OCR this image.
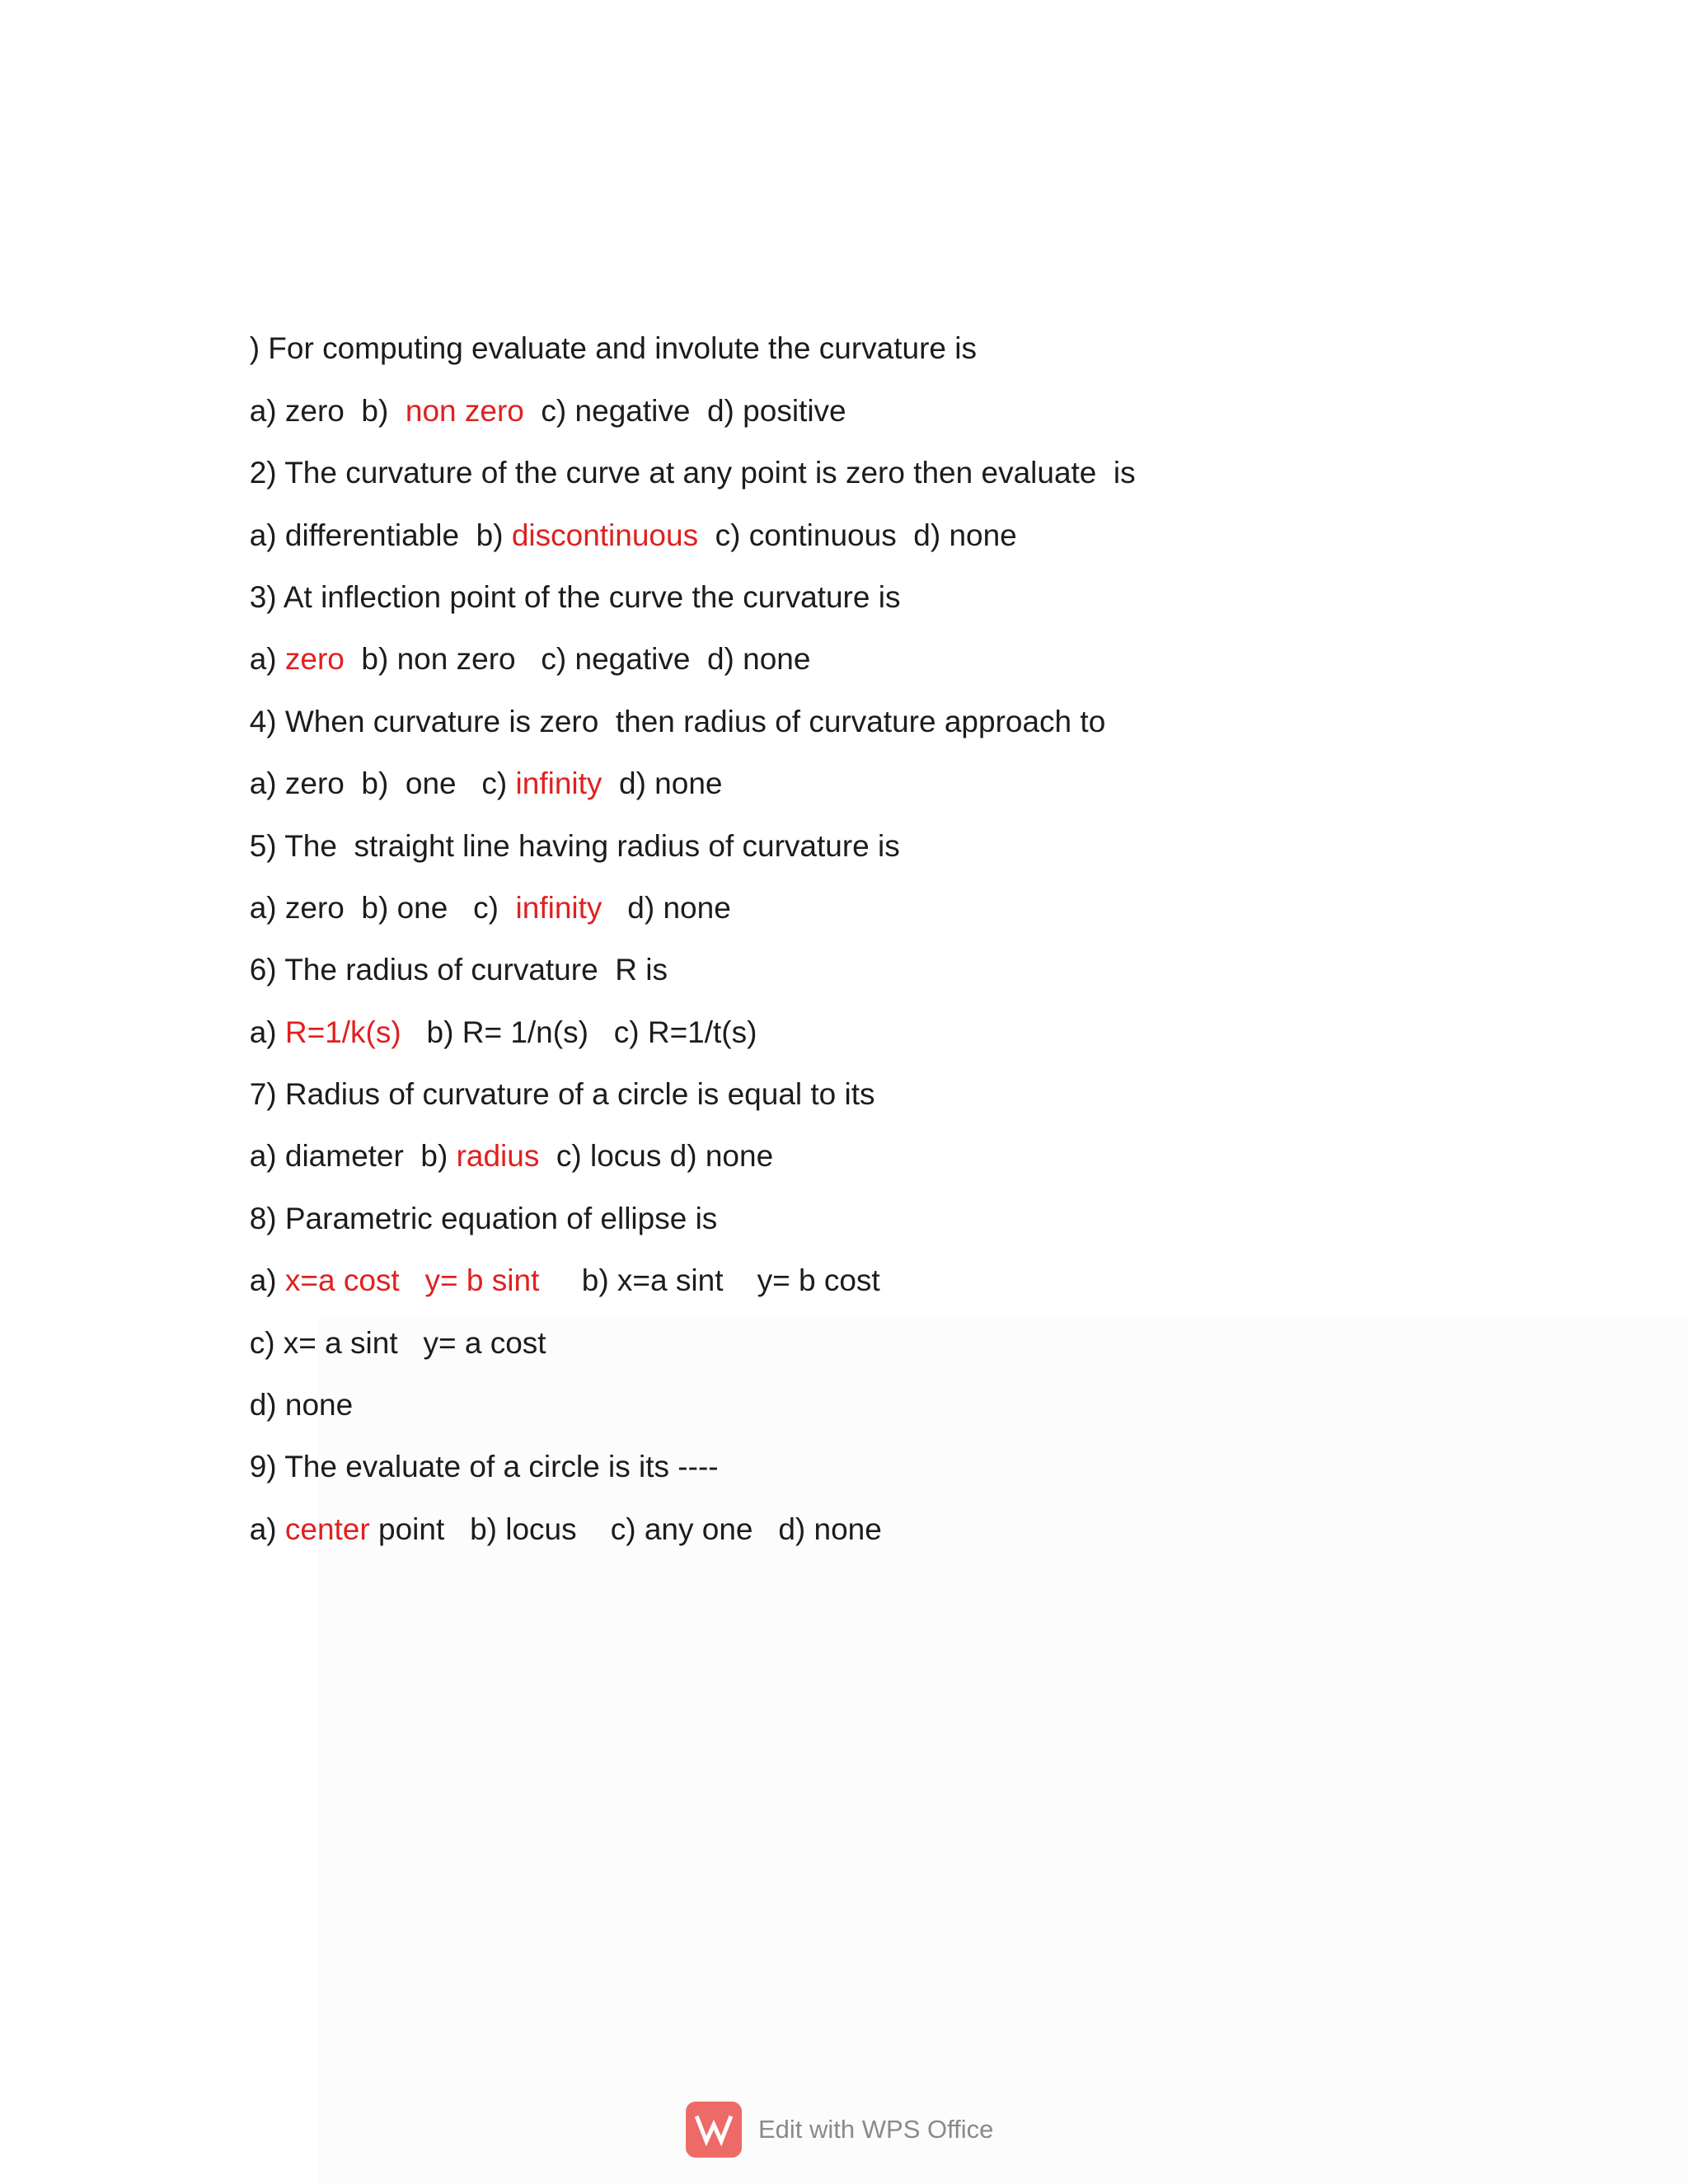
) For computing evaluate and involute the curvature is

a) zero  b)  non zero  c) negative  d) positive

2) The curvature of the curve at any point is zero then evaluate  is

a) differentiable  b) discontinuous  c) continuous  d) none

3) At inflection point of the curve the curvature is

a) zero  b) non zero   c) negative  d) none

4) When curvature is zero  then radius of curvature approach to

a) zero  b)  one   c) infinity  d) none

5) The  straight line having radius of curvature is

a) zero  b) one   c)  infinity   d) none

6) The radius of curvature  R is

a) R=1/k(s)   b) R= 1/n(s)   c) R=1/t(s)

7) Radius of curvature of a circle is equal to its

a) diameter  b) radius  c) locus d) none

8) Parametric equation of ellipse is

a) x=a cost   y= b sint     b) x=a sint    y= b cost

c) x= a sint   y= a cost

d) none

9) The evaluate of a circle is its ----

a) center point   b) locus    c) any one   d) none

Edit with WPS Office
